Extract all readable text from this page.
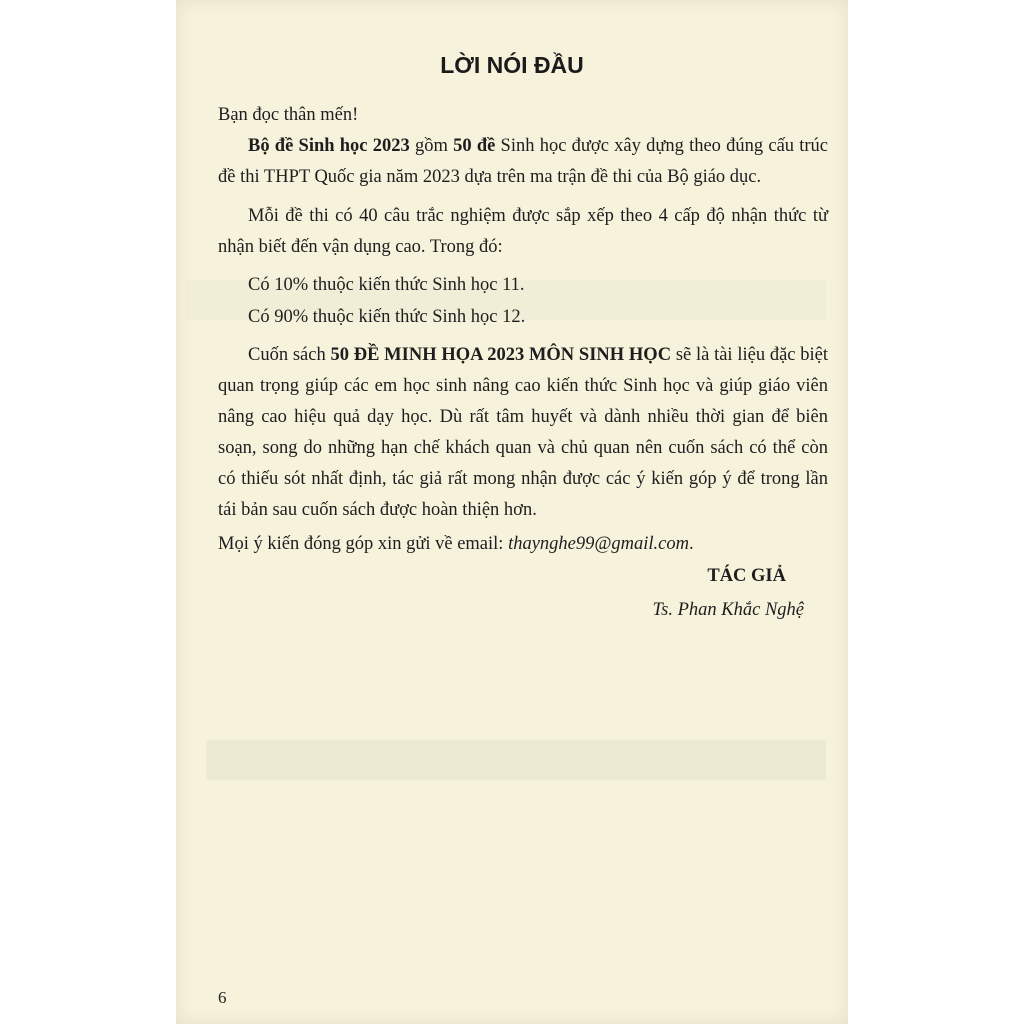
LỜI NÓI ĐẦU

Bạn đọc thân mến!

Bộ đề Sinh học 2023 gồm 50 đề Sinh học được xây dựng theo đúng cấu trúc đề thi THPT Quốc gia năm 2023 dựa trên ma trận đề thi của Bộ giáo dục.

Mỗi đề thi có 40 câu trắc nghiệm được sắp xếp theo 4 cấp độ nhận thức từ nhận biết đến vận dụng cao. Trong đó:

Có 10% thuộc kiến thức Sinh học 11.

Có 90% thuộc kiến thức Sinh học 12.

Cuốn sách 50 ĐỀ MINH HỌA 2023 MÔN SINH HỌC sẽ là tài liệu đặc biệt quan trọng giúp các em học sinh nâng cao kiến thức Sinh học và giúp giáo viên nâng cao hiệu quả dạy học. Dù rất tâm huyết và dành nhiều thời gian để biên soạn, song do những hạn chế khách quan và chủ quan nên cuốn sách có thể còn có thiếu sót nhất định, tác giả rất mong nhận được các ý kiến góp ý để trong lần tái bản sau cuốn sách được hoàn thiện hơn.

Mọi ý kiến đóng góp xin gửi về email: thaynghe99@gmail.com.

TÁC GIẢ

Ts. Phan Khắc Nghệ

6
